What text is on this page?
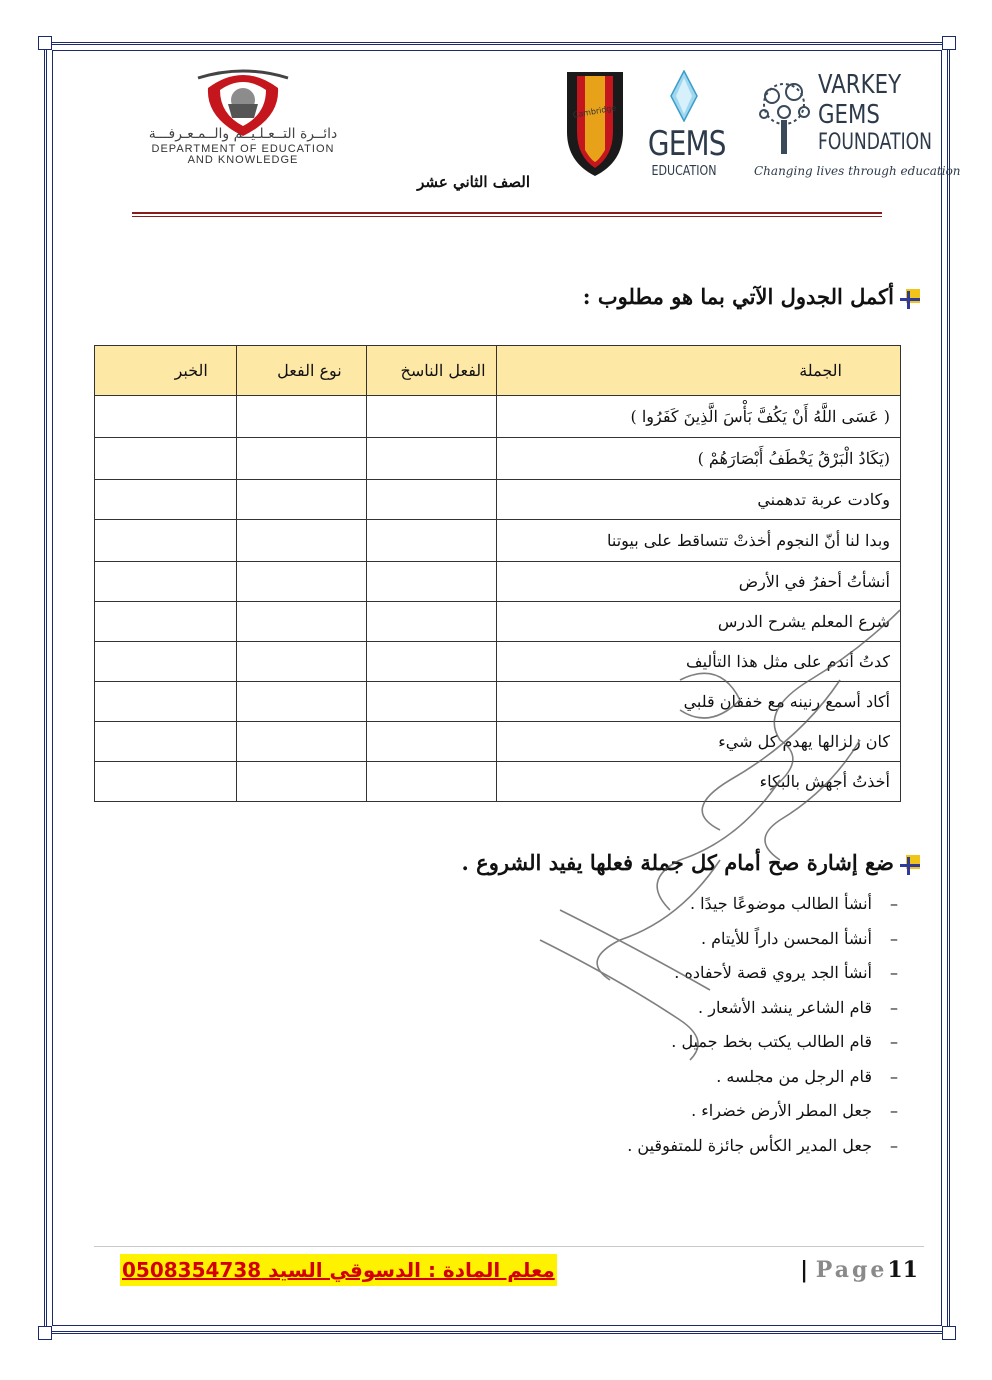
دائــرة التــعـلـيــم والــمـعـرفـــة
DEPARTMENT OF EDUCATION
AND KNOWLEDGE
Cambridge
GEMS
EDUCATION
VARKEY
GEMS
FOUNDATION
Changing lives through education
الصف الثاني عشر
أكمل الجدول الآتي بما هو مطلوب :
الجملة	الفعل الناسخ	نوع الفعل	الخبر
( عَسَى اللَّهُ أَنْ يَكُفَّ بَأْسَ الَّذِينَ كَفَرُوا )			
(يَكَادُ الْبَرْقُ يَخْطَفُ أَبْصَارَهُمْ )			
وكادت عربة تدهمني			
وبدا لنا أنّ النجوم أخذتْ تتساقط على بيوتنا			
أنشأتُ أحفرُ في الأرض			
شرع المعلم يشرح الدرس			
كدتُ أندم على مثل هذا التأليف			
أكاد أسمع رنينه مع خفقان قلبي			
كان زلزالها يهدم كل شيء			
أخذتُ أجهش بالبكاء			
ضع إشارة صح أمام كل جملة فعلها يفيد الشروع .
–أنشأ الطالب موضوعًا جيدًا .
–أنشأ المحسن داراً للأيتام .
–أنشأ الجد يروي قصة لأحفاده .
–قام الشاعر ينشد الأشعار .
–قام الطالب يكتب بخط جميل .
–قام الرجل من مجلسه .
–جعل المطر الأرض خضراء .
–جعل المدير الكأس جائزة للمتفوقين .
معلم المادة : الدسوقي السيد 0508354738	| Page11
